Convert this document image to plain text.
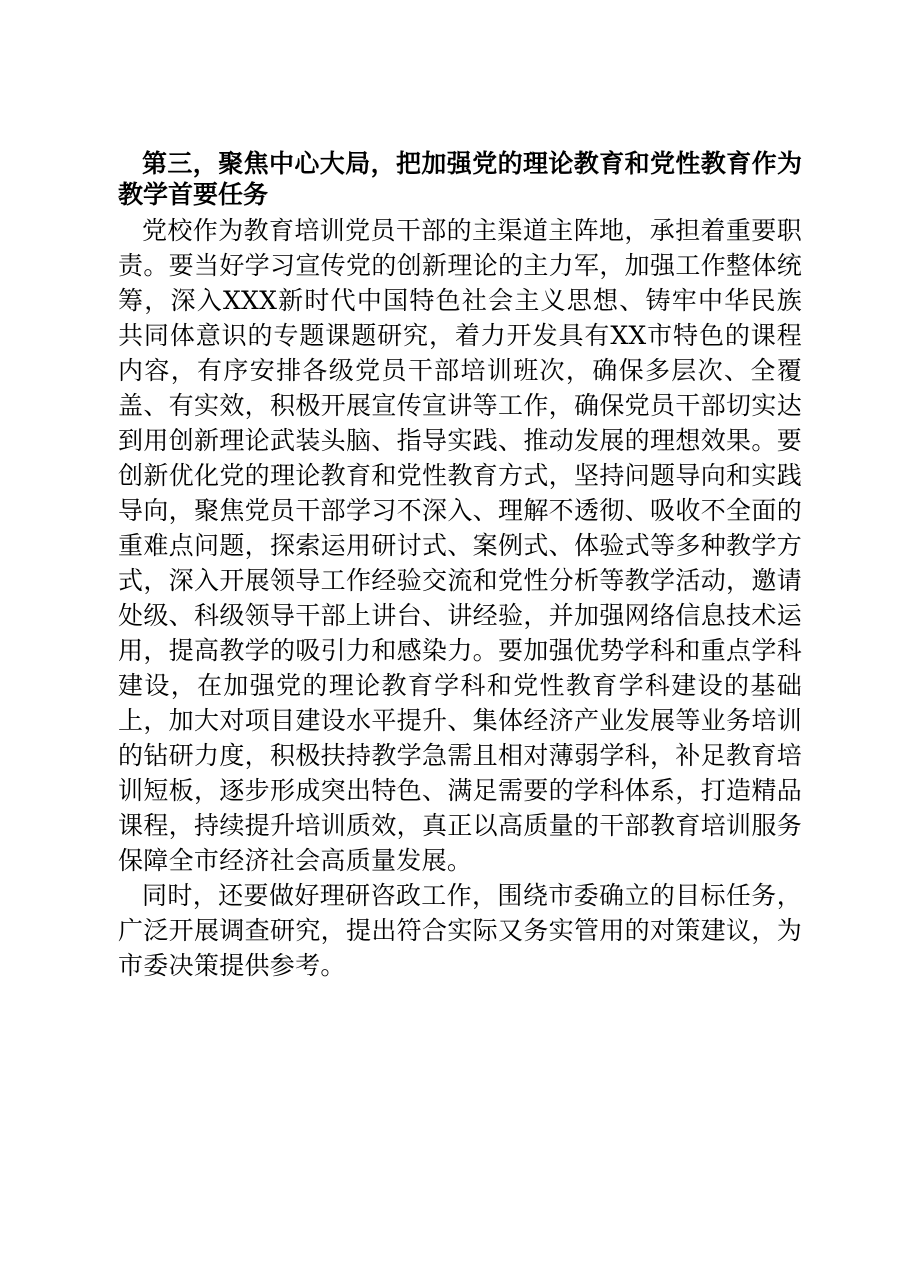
第三，聚焦中心大局，把加强党的理论教育和党性教育作为教学首要任务

党校作为教育培训党员干部的主渠道主阵地，承担着重要职责。要当好学习宣传党的创新理论的主力军，加强工作整体统筹，深入XXX新时代中国特色社会主义思想、铸牢中华民族共同体意识的专题课题研究，着力开发具有XX市特色的课程内容，有序安排各级党员干部培训班次，确保多层次、全覆盖、有实效，积极开展宣传宣讲等工作，确保党员干部切实达到用创新理论武装头脑、指导实践、推动发展的理想效果。要创新优化党的理论教育和党性教育方式，坚持问题导向和实践导向，聚焦党员干部学习不深入、理解不透彻、吸收不全面的重难点问题，探索运用研讨式、案例式、体验式等多种教学方式，深入开展领导工作经验交流和党性分析等教学活动，邀请处级、科级领导干部上讲台、讲经验，并加强网络信息技术运用，提高教学的吸引力和感染力。要加强优势学科和重点学科建设，在加强党的理论教育学科和党性教育学科建设的基础上，加大对项目建设水平提升、集体经济产业发展等业务培训的钻研力度，积极扶持教学急需且相对薄弱学科，补足教育培训短板，逐步形成突出特色、满足需要的学科体系，打造精品课程，持续提升培训质效，真正以高质量的干部教育培训服务保障全市经济社会高质量发展。

同时，还要做好理研咨政工作，围绕市委确立的目标任务，广泛开展调查研究，提出符合实际又务实管用的对策建议，为市委决策提供参考。
